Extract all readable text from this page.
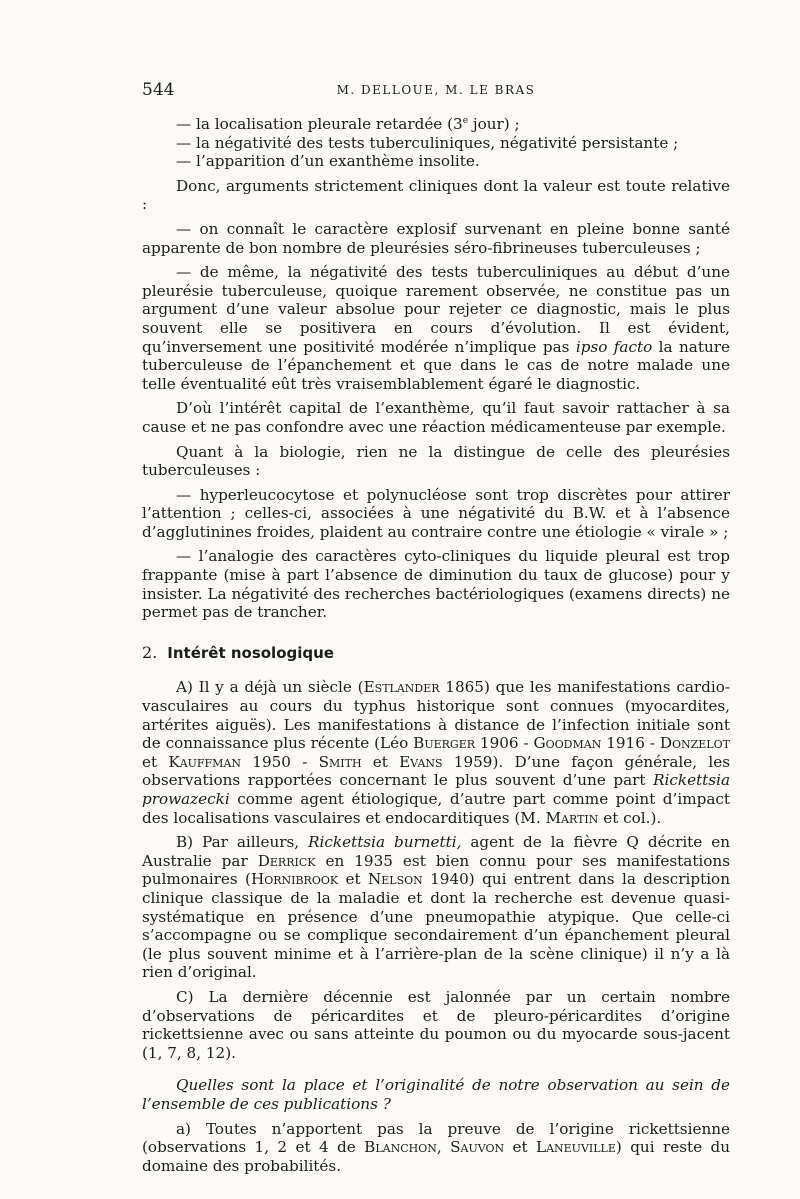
544	M. DELLOUE, M. LE BRAS

— la localisation pleurale retardée (3e jour) ;

— la négativité des tests tuberculiniques, négativité persistante ;

— l’apparition d’un exanthème insolite.

Donc, arguments strictement cliniques dont la valeur est toute relative :

— on connaît le caractère explosif survenant en pleine bonne santé apparente de bon nombre de pleurésies séro-fibrineuses tuberculeuses ;

— de même, la négativité des tests tuberculiniques au début d’une pleurésie tuberculeuse, quoique rarement observée, ne constitue pas un argument d’une valeur absolue pour rejeter ce diagnostic, mais le plus souvent elle se positivera en cours d’évolution. Il est évident, qu’inversement une positivité modérée n’implique pas ipso facto la nature tuberculeuse de l’épanchement et que dans le cas de notre malade une telle éventualité eût très vraisemblablement égaré le diagnostic.

D’où l’intérêt capital de l’exanthème, qu’il faut savoir rattacher à sa cause et ne pas confondre avec une réaction médicamenteuse par exemple.

Quant à la biologie, rien ne la distingue de celle des pleurésies tuberculeuses :

— hyperleucocytose et polynucléose sont trop discrètes pour attirer l’attention ; celles-ci, associées à une négativité du B.W. et à l’absence d’agglutinines froides, plaident au contraire contre une étiologie « virale » ;

— l’analogie des caractères cyto-cliniques du liquide pleural est trop frappante (mise à part l’absence de diminution du taux de glucose) pour y insister. La négativité des recherches bactériologiques (examens directs) ne permet pas de trancher.

2. Intérêt nosologique

A) Il y a déjà un siècle (Estlander 1865) que les manifestations cardio-vasculaires au cours du typhus historique sont connues (myocardites, artérites aiguës). Les manifestations à distance de l’infection initiale sont de connaissance plus récente (Léo Buerger 1906 - Goodman 1916 - Donzelot et Kauffman 1950 - Smith et Evans 1959). D’une façon générale, les observations rapportées concernant le plus souvent d’une part Rickettsia prowazecki comme agent étiologique, d’autre part comme point d’impact des localisations vasculaires et endocarditiques (M. Martin et col.).

B) Par ailleurs, Rickettsia burnetti, agent de la fièvre Q décrite en Australie par Derrick en 1935 est bien connu pour ses manifestations pulmonaires (Hornibrook et Nelson 1940) qui entrent dans la description clinique classique de la maladie et dont la recherche est devenue quasi-systématique en présence d’une pneumopathie atypique. Que celle-ci s’accompagne ou se complique secondairement d’un épanchement pleural (le plus souvent minime et à l’arrière-plan de la scène clinique) il n’y a là rien d’original.

C) La dernière décennie est jalonnée par un certain nombre d’observations de péricardites et de pleuro-péricardites d’origine rickettsienne avec ou sans atteinte du poumon ou du myocarde sous-jacent (1, 7, 8, 12).

Quelles sont la place et l’originalité de notre observation au sein de l’ensemble de ces publications ?

a) Toutes n’apportent pas la preuve de l’origine rickettsienne (observations 1, 2 et 4 de Blanchon, Sauvon et Laneuville) qui reste du domaine des probabilités.
